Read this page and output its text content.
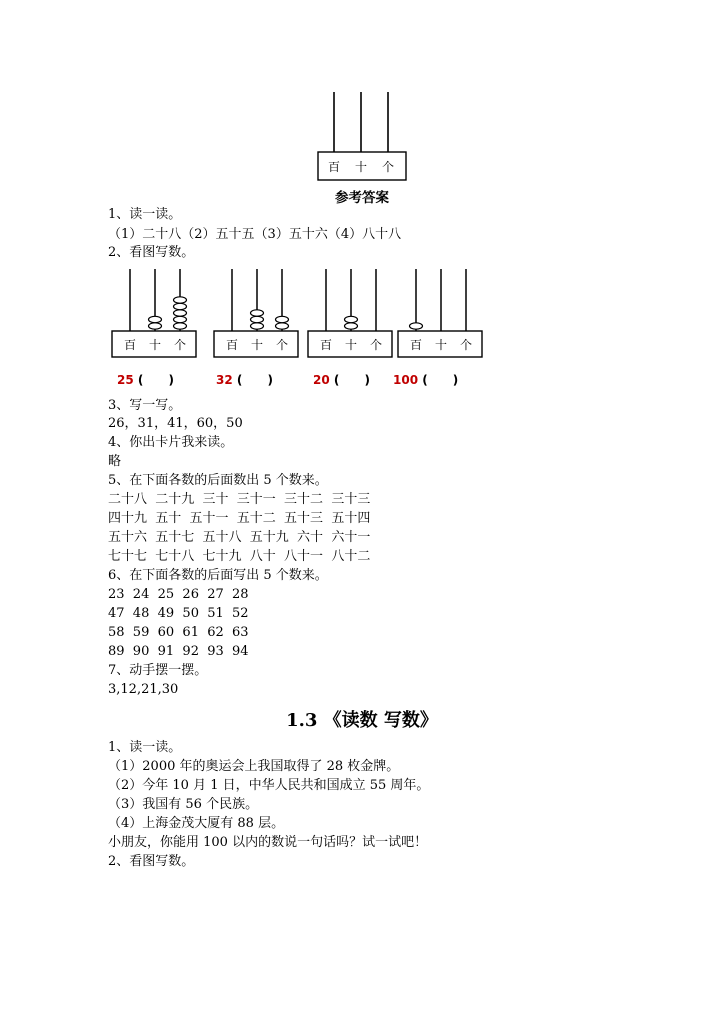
百 十 个
参考答案
1、读一读。
（1）二十八（2）五十五（3）五十六（4）八十八
2、看图写数。
百 十 个
25 (      )
百 十 个
32 (      )
百 十 个
20 (      )
百 十 个
100 (      )
3、写一写。
26，31，41，60，50
4、你出卡片我来读。
略
5、在下面各数的后面数出 5 个数来。
二十八  二十九  三十  三十一  三十二  三十三
四十九  五十  五十一  五十二  五十三  五十四
五十六  五十七  五十八  五十九  六十  六十一
七十七  七十八  七十九  八十  八十一  八十二
6、在下面各数的后面写出 5 个数来。
23  24  25  26  27  28
47  48  49  50  51  52
58  59  60  61  62  63
89  90  91  92  93  94
7、动手摆一摆。
3,12,21,30
1.3 《读数 写数》
1、读一读。
（1）2000 年的奥运会上我国取得了 28 枚金牌。
（2）今年 10 月 1 日，中华人民共和国成立 55 周年。
（3）我国有 56 个民族。
（4）上海金茂大厦有 88 层。
小朋友，你能用 100 以内的数说一句话吗？试一试吧！
2、看图写数。
